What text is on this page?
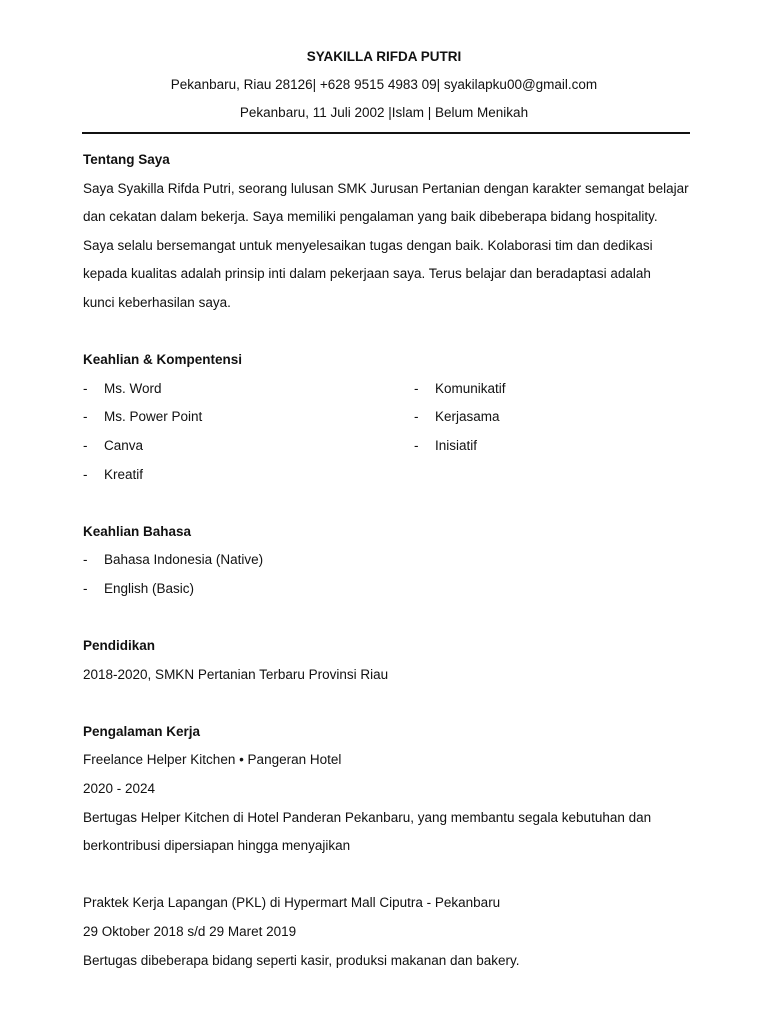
SYAKILLA RIFDA PUTRI
Pekanbaru, Riau 28126| +628 9515 4983 09| syakilapku00@gmail.com
Pekanbaru, 11 Juli 2002 |Islam | Belum Menikah
Tentang Saya
Saya Syakilla Rifda Putri, seorang lulusan SMK Jurusan Pertanian dengan karakter semangat belajar
dan cekatan dalam bekerja. Saya memiliki pengalaman yang baik dibeberapa bidang hospitality.
Saya selalu bersemangat untuk menyelesaikan tugas dengan baik. Kolaborasi tim dan dedikasi
kepada kualitas adalah prinsip inti dalam pekerjaan saya. Terus belajar dan beradaptasi adalah
kunci keberhasilan saya.
Keahlian & Kompentensi
- Ms. Word
- Ms. Power Point
- Canva
- Kreatif
- Komunikatif
- Kerjasama
- Inisiatif
Keahlian Bahasa
- Bahasa Indonesia (Native)
- English (Basic)
Pendidikan
2018-2020, SMKN Pertanian Terbaru Provinsi Riau
Pengalaman Kerja
Freelance Helper Kitchen • Pangeran Hotel
2020 - 2024
Bertugas Helper Kitchen di Hotel Panderan Pekanbaru, yang membantu segala kebutuhan dan
berkontribusi dipersiapan hingga menyajikan
Praktek Kerja Lapangan (PKL) di Hypermart Mall Ciputra - Pekanbaru
29 Oktober 2018 s/d 29 Maret 2019
Bertugas dibeberapa bidang seperti kasir, produksi makanan dan bakery.
